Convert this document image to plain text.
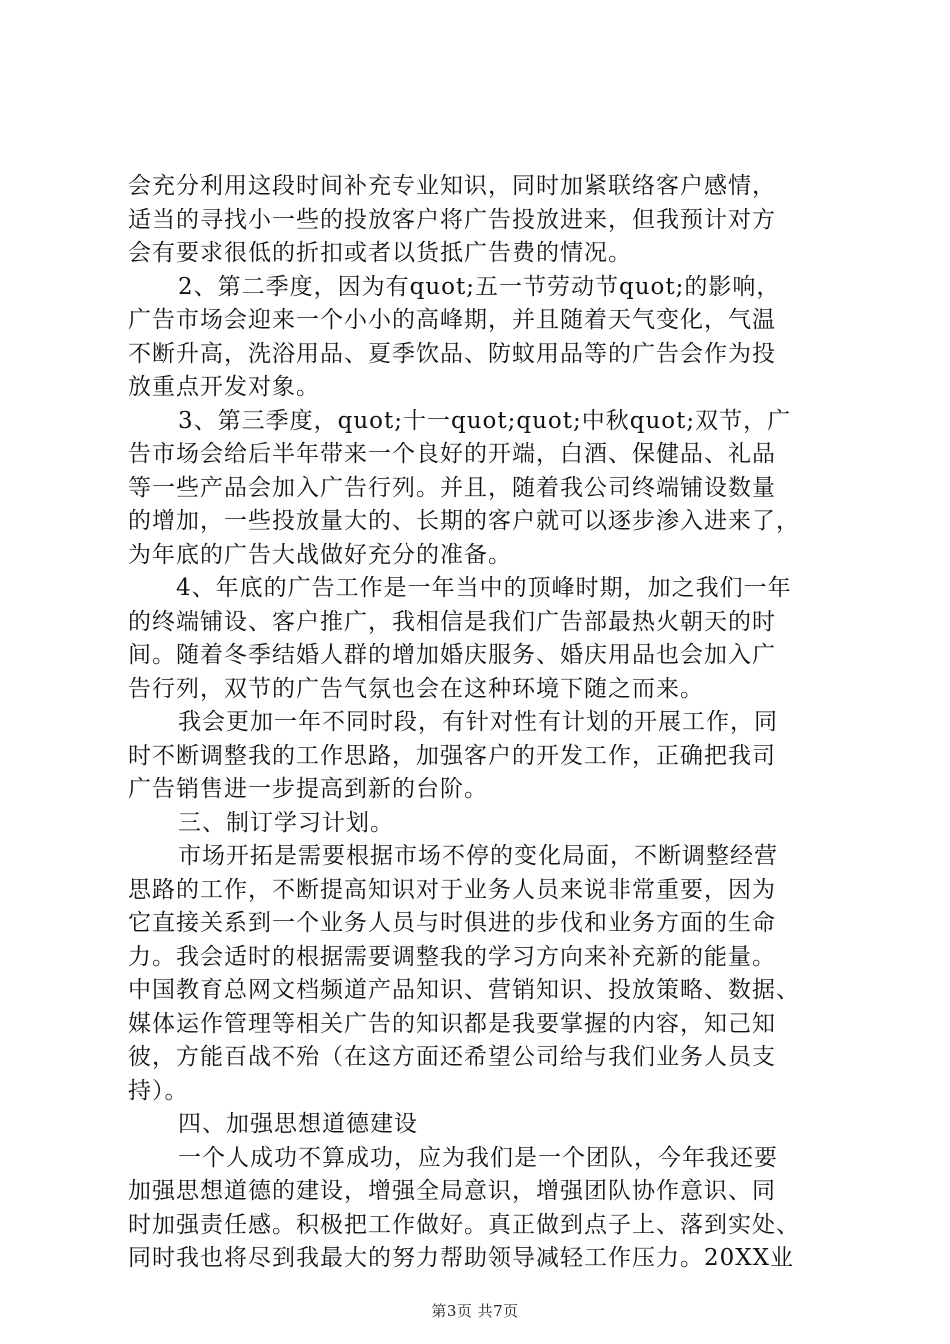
会充分利用这段时间补充专业知识，同时加紧联络客户感情，
适当的寻找小一些的投放客户将广告投放进来，但我预计对方
会有要求很低的折扣或者以货抵广告费的情况。
2、第二季度，因为有quot;五一节劳动节quot;的影响，
广告市场会迎来一个小小的高峰期，并且随着天气变化，气温
不断升高，洗浴用品、夏季饮品、防蚊用品等的广告会作为投
放重点开发对象。
3、第三季度，quot;十一quot;quot;中秋quot;双节，广
告市场会给后半年带来一个良好的开端，白酒、保健品、礼品
等一些产品会加入广告行列。并且，随着我公司终端铺设数量
的增加，一些投放量大的、长期的客户就可以逐步渗入进来了，
为年底的广告大战做好充分的准备。
4、年底的广告工作是一年当中的顶峰时期，加之我们一年
的终端铺设、客户推广，我相信是我们广告部最热火朝天的时
间。随着冬季结婚人群的增加婚庆服务、婚庆用品也会加入广
告行列，双节的广告气氛也会在这种环境下随之而来。
我会更加一年不同时段，有针对性有计划的开展工作，同
时不断调整我的工作思路，加强客户的开发工作，正确把我司
广告销售进一步提高到新的台阶。
三、制订学习计划。
市场开拓是需要根据市场不停的变化局面，不断调整经营
思路的工作，不断提高知识对于业务人员来说非常重要，因为
它直接关系到一个业务人员与时俱进的步伐和业务方面的生命
力。我会适时的根据需要调整我的学习方向来补充新的能量。
中国教育总网文档频道产品知识、营销知识、投放策略、数据、
媒体运作管理等相关广告的知识都是我要掌握的内容，知己知
彼，方能百战不殆（在这方面还希望公司给与我们业务人员支
持）。
四、加强思想道德建设
一个人成功不算成功，应为我们是一个团队，今年我还要
加强思想道德的建设，增强全局意识，增强团队协作意识、同
时加强责任感。积极把工作做好。真正做到点子上、落到实处、
同时我也将尽到我最大的努力帮助领导减轻工作压力。20XX业
第3页 共7页
